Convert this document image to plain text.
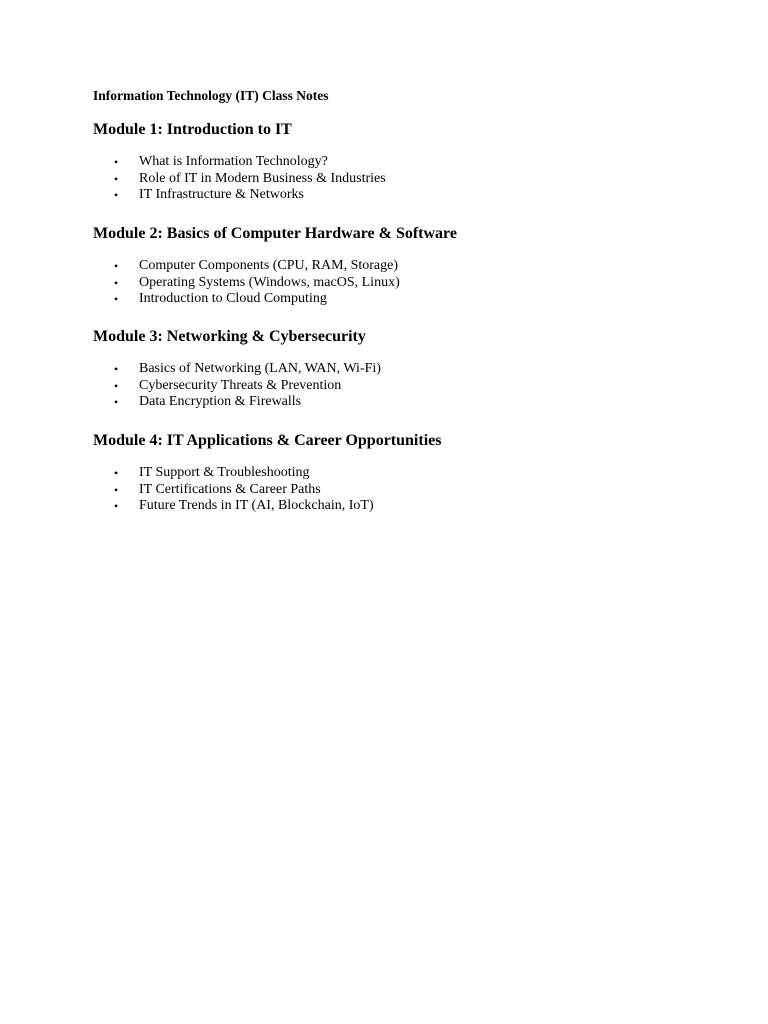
Information Technology (IT) Class Notes

Module 1: Introduction to IT
• What is Information Technology?
• Role of IT in Modern Business & Industries
• IT Infrastructure & Networks
Module 2: Basics of Computer Hardware & Software
• Computer Components (CPU, RAM, Storage)
• Operating Systems (Windows, macOS, Linux)
• Introduction to Cloud Computing
Module 3: Networking & Cybersecurity
• Basics of Networking (LAN, WAN, Wi-Fi)
• Cybersecurity Threats & Prevention
• Data Encryption & Firewalls
Module 4: IT Applications & Career Opportunities
• IT Support & Troubleshooting
• IT Certifications & Career Paths
• Future Trends in IT (AI, Blockchain, IoT)
